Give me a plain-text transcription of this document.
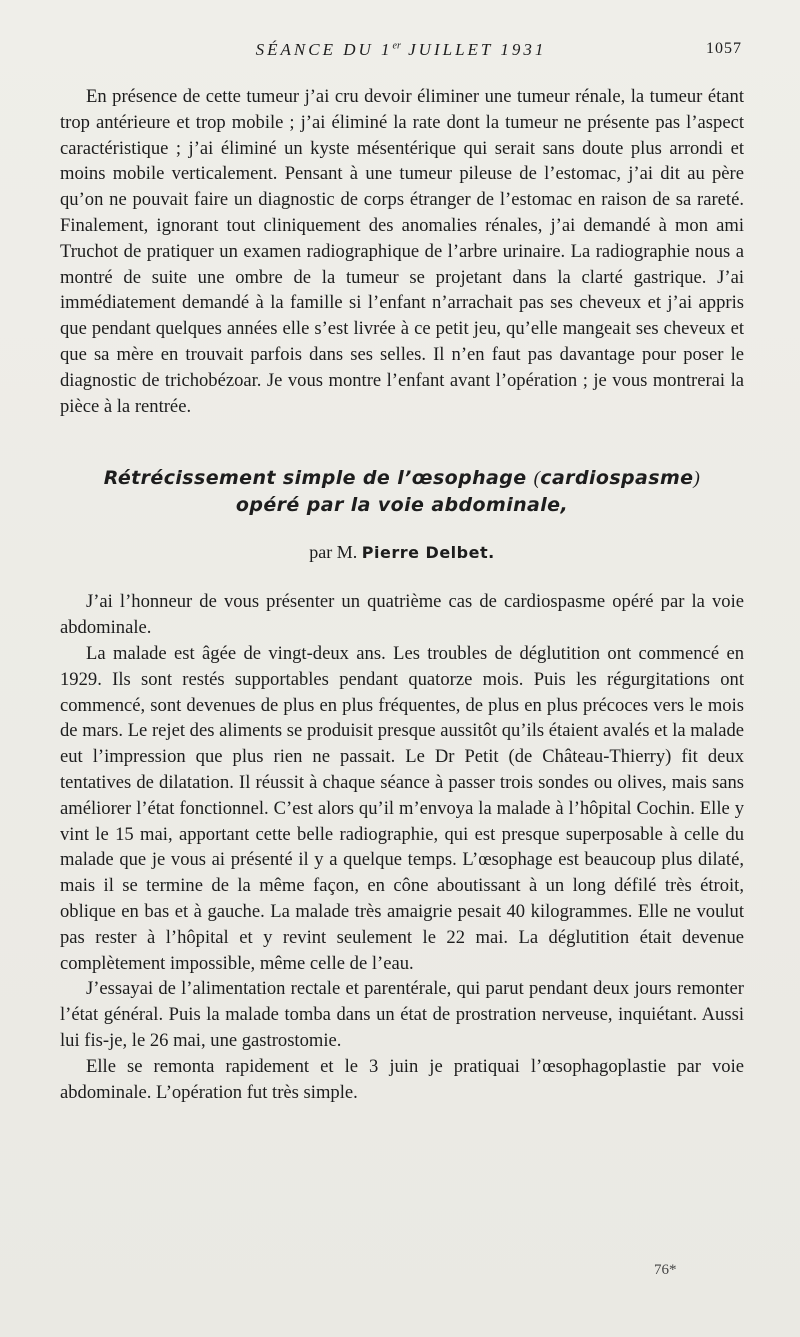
SÉANCE DU 1er JUILLET 1931	1057

En présence de cette tumeur j’ai cru devoir éliminer une tumeur rénale, la tumeur étant trop antérieure et trop mobile ; j’ai éliminé la rate dont la tumeur ne présente pas l’aspect caractéristique ; j’ai éliminé un kyste mésentérique qui serait sans doute plus arrondi et moins mobile verticalement. Pensant à une tumeur pileuse de l’estomac, j’ai dit au père qu’on ne pouvait faire un diagnostic de corps étranger de l’estomac en raison de sa rareté. Finalement, ignorant tout cliniquement des anomalies rénales, j’ai demandé à mon ami Truchot de pratiquer un examen radiographique de l’arbre urinaire. La radiographie nous a montré de suite une ombre de la tumeur se projetant dans la clarté gastrique. J’ai immédiatement demandé à la famille si l’enfant n’arrachait pas ses cheveux et j’ai appris que pendant quelques années elle s’est livrée à ce petit jeu, qu’elle mangeait ses cheveux et que sa mère en trouvait parfois dans ses selles. Il n’en faut pas davantage pour poser le diagnostic de trichobézoar. Je vous montre l’enfant avant l’opération ; je vous montrerai la pièce à la rentrée.

Rétrécissement simple de l’œsophage (cardiospasme)
opéré par la voie abdominale,
par M. Pierre Delbet.

J’ai l’honneur de vous présenter un quatrième cas de cardiospasme opéré par la voie abdominale.

La malade est âgée de vingt-deux ans. Les troubles de déglutition ont commencé en 1929. Ils sont restés supportables pendant quatorze mois. Puis les régurgitations ont commencé, sont devenues de plus en plus fréquentes, de plus en plus précoces vers le mois de mars. Le rejet des aliments se produisit presque aussitôt qu’ils étaient avalés et la malade eut l’impression que plus rien ne passait. Le Dr Petit (de Château-Thierry) fit deux tentatives de dilatation. Il réussit à chaque séance à passer trois sondes ou olives, mais sans améliorer l’état fonctionnel. C’est alors qu’il m’envoya la malade à l’hôpital Cochin. Elle y vint le 15 mai, apportant cette belle radiographie, qui est presque superposable à celle du malade que je vous ai présenté il y a quelque temps. L’œsophage est beaucoup plus dilaté, mais il se termine de la même façon, en cône aboutissant à un long défilé très étroit, oblique en bas et à gauche. La malade très amaigrie pesait 40 kilogrammes. Elle ne voulut pas rester à l’hôpital et y revint seulement le 22 mai. La déglutition était devenue complètement impossible, même celle de l’eau.

J’essayai de l’alimentation rectale et parentérale, qui parut pendant deux jours remonter l’état général. Puis la malade tomba dans un état de prostration nerveuse, inquiétant. Aussi lui fis-je, le 26 mai, une gastrostomie.

Elle se remonta rapidement et le 3 juin je pratiquai l’œsophagoplastie par voie abdominale. L’opération fut très simple.

76*
